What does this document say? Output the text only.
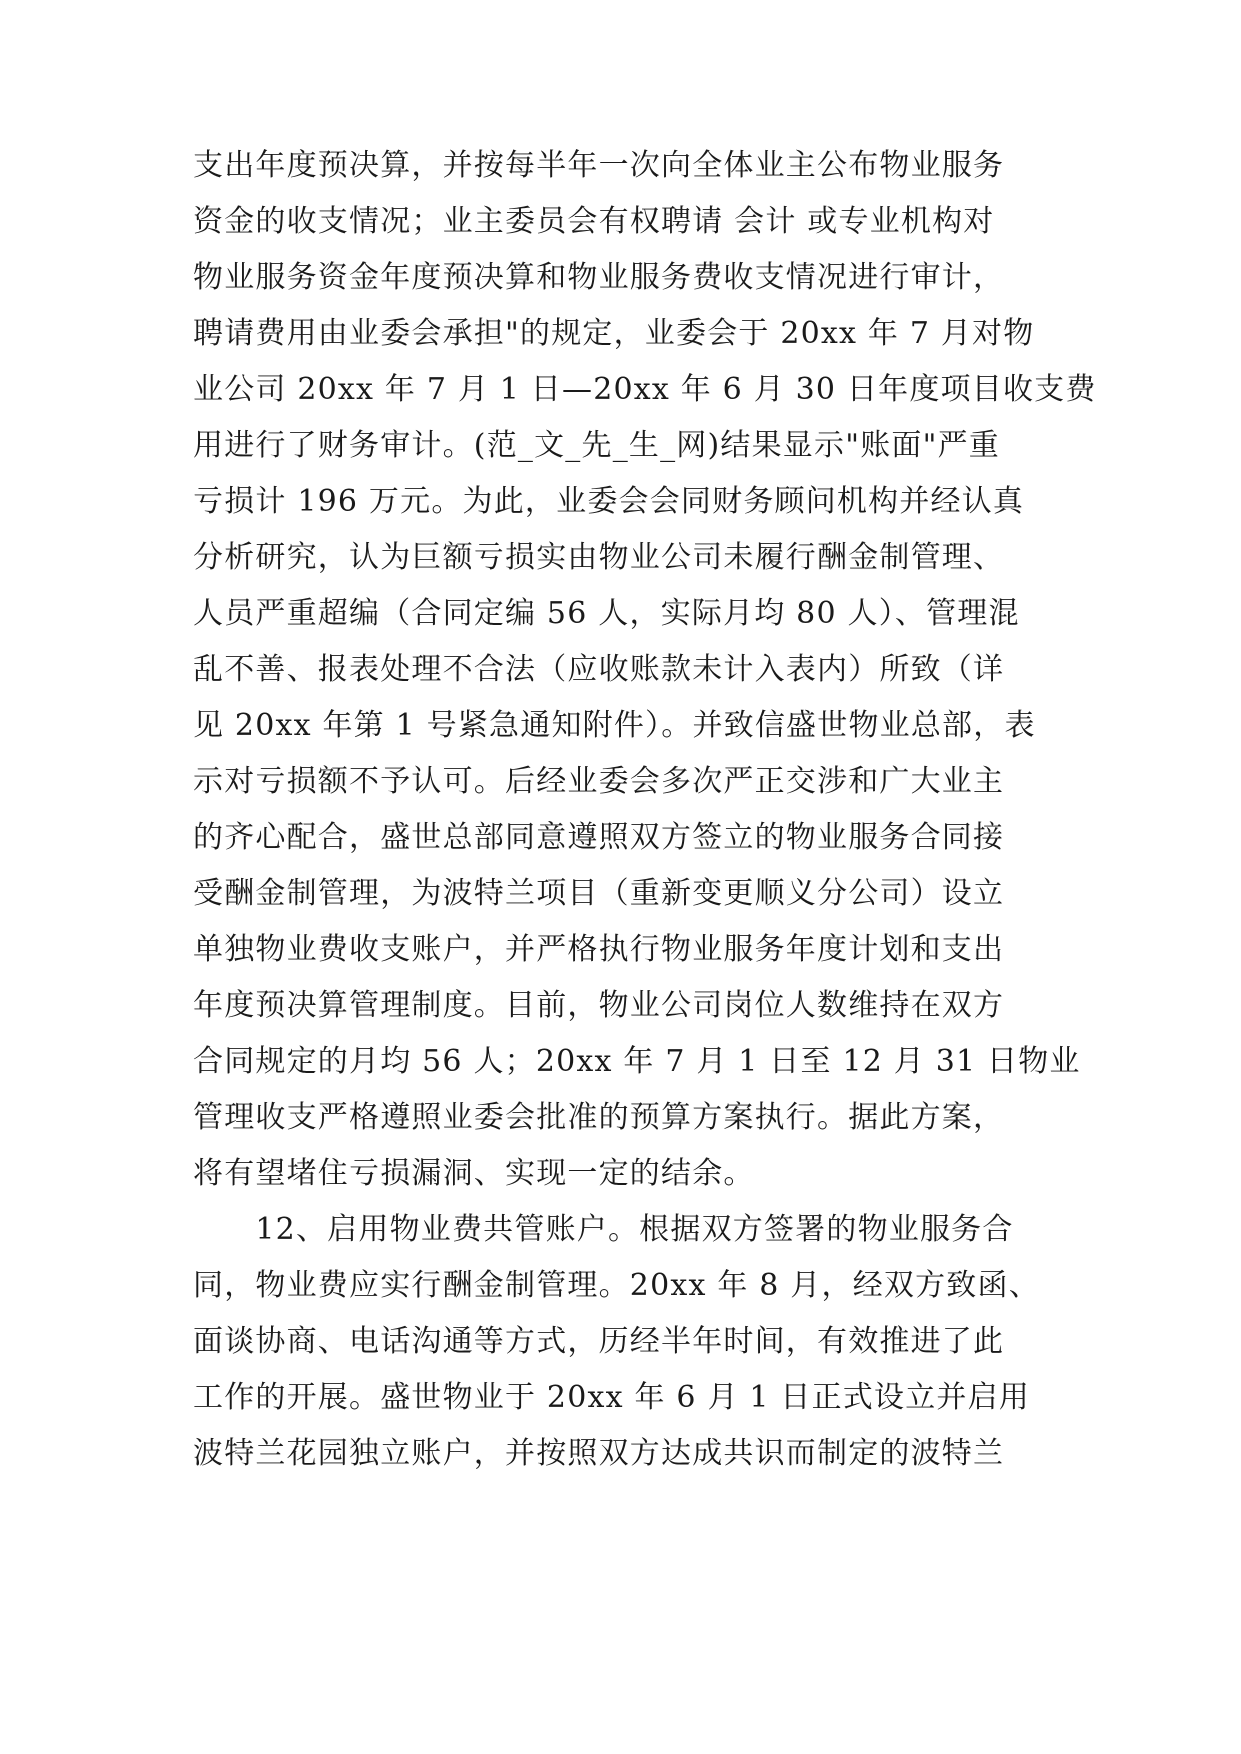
支出年度预决算，并按每半年一次向全体业主公布物业服务
资金的收支情况；业主委员会有权聘请 会计 或专业机构对
物业服务资金年度预决算和物业服务费收支情况进行审计，
聘请费用由业委会承担"的规定，业委会于 20xx 年 7 月对物
业公司 20xx 年 7 月 1 日—20xx 年 6 月 30 日年度项目收支费
用进行了财务审计。(范_文_先_生_网)结果显示"账面"严重
亏损计 196 万元。为此，业委会会同财务顾问机构并经认真
分析研究，认为巨额亏损实由物业公司未履行酬金制管理、
人员严重超编（合同定编 56 人，实际月均 80 人）、管理混
乱不善、报表处理不合法（应收账款未计入表内）所致（详
见 20xx 年第 1 号紧急通知附件）。并致信盛世物业总部，表
示对亏损额不予认可。后经业委会多次严正交涉和广大业主
的齐心配合，盛世总部同意遵照双方签立的物业服务合同接
受酬金制管理，为波特兰项目（重新变更顺义分公司）设立
单独物业费收支账户，并严格执行物业服务年度计划和支出
年度预决算管理制度。目前，物业公司岗位人数维持在双方
合同规定的月均 56 人；20xx 年 7 月 1 日至 12 月 31 日物业
管理收支严格遵照业委会批准的预算方案执行。据此方案，
将有望堵住亏损漏洞、实现一定的结余。
　　12、启用物业费共管账户。根据双方签署的物业服务合
同，物业费应实行酬金制管理。20xx 年 8 月，经双方致函、
面谈协商、电话沟通等方式，历经半年时间，有效推进了此
工作的开展。盛世物业于 20xx 年 6 月 1 日正式设立并启用
波特兰花园独立账户，并按照双方达成共识而制定的波特兰
